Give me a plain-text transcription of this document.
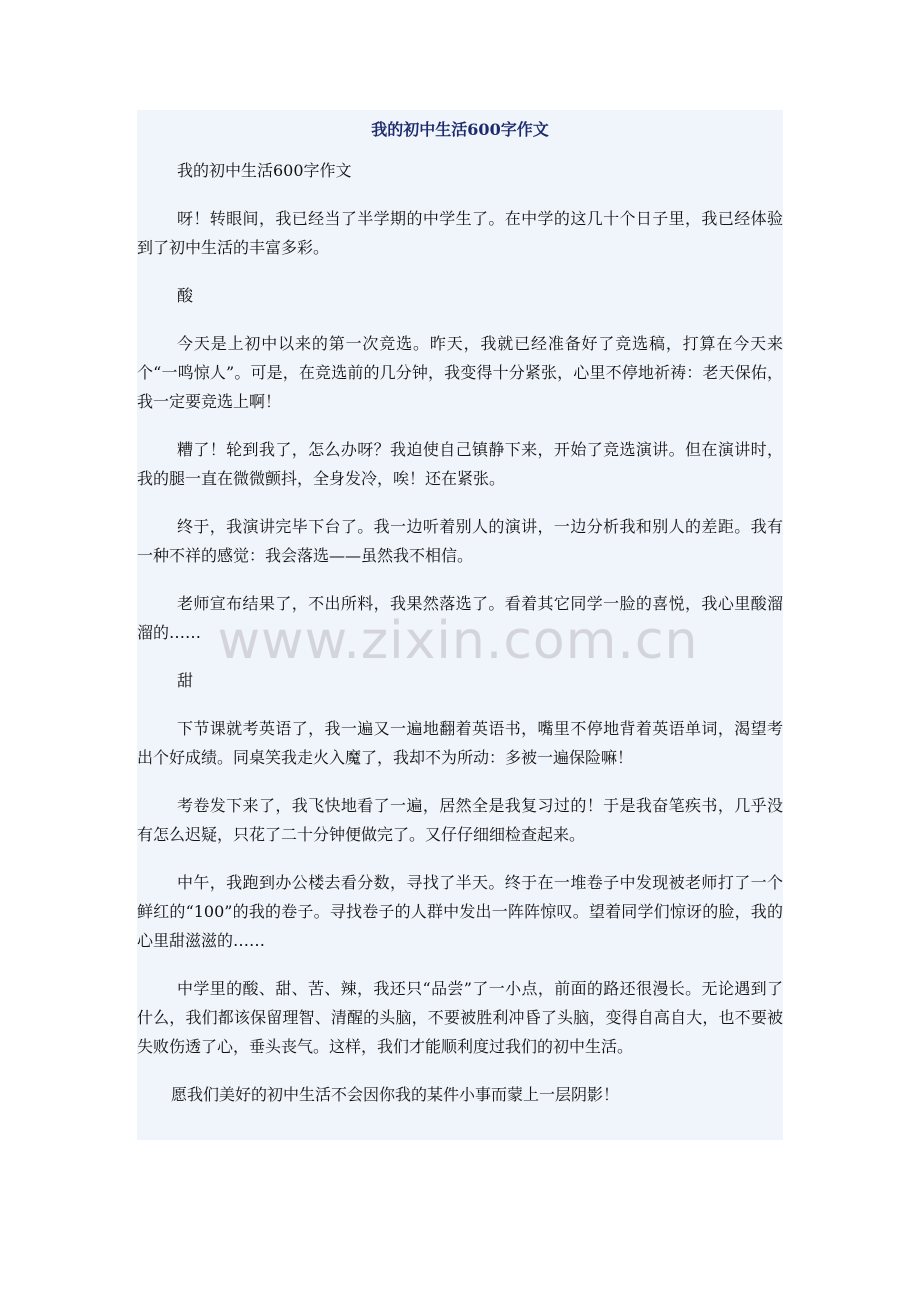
我的初中生活600字作文

我的初中生活600字作文

呀！转眼间，我已经当了半学期的中学生了。在中学的这几十个日子里，我已经体验到了初中生活的丰富多彩。

酸

今天是上初中以来的第一次竞选。昨天，我就已经准备好了竞选稿，打算在今天来个“一鸣惊人”。可是，在竞选前的几分钟，我变得十分紧张，心里不停地祈祷：老天保佑，我一定要竞选上啊！

糟了！轮到我了，怎么办呀？我迫使自己镇静下来，开始了竞选演讲。但在演讲时，我的腿一直在微微颤抖，全身发冷，唉！还在紧张。

终于，我演讲完毕下台了。我一边听着别人的演讲，一边分析我和别人的差距。我有一种不祥的感觉：我会落选——虽然我不相信。

老师宣布结果了，不出所料，我果然落选了。看着其它同学一脸的喜悦，我心里酸溜溜的……

甜

下节课就考英语了，我一遍又一遍地翻着英语书，嘴里不停地背着英语单词，渴望考出个好成绩。同桌笑我走火入魔了，我却不为所动：多被一遍保险嘛！

考卷发下来了，我飞快地看了一遍，居然全是我复习过的！于是我奋笔疾书，几乎没有怎么迟疑，只花了二十分钟便做完了。又仔仔细细检查起来。

中午，我跑到办公楼去看分数，寻找了半天。终于在一堆卷子中发现被老师打了一个鲜红的“100”的我的卷子。寻找卷子的人群中发出一阵阵惊叹。望着同学们惊讶的脸，我的心里甜滋滋的……

中学里的酸、甜、苦、辣，我还只“品尝”了一小点，前面的路还很漫长。无论遇到了什么，我们都该保留理智、清醒的头脑，不要被胜利冲昏了头脑，变得自高自大，也不要被失败伤透了心，垂头丧气。这样，我们才能顺利度过我们的初中生活。

愿我们美好的初中生活不会因你我的某件小事而蒙上一层阴影！

www.zixin.com.cn
